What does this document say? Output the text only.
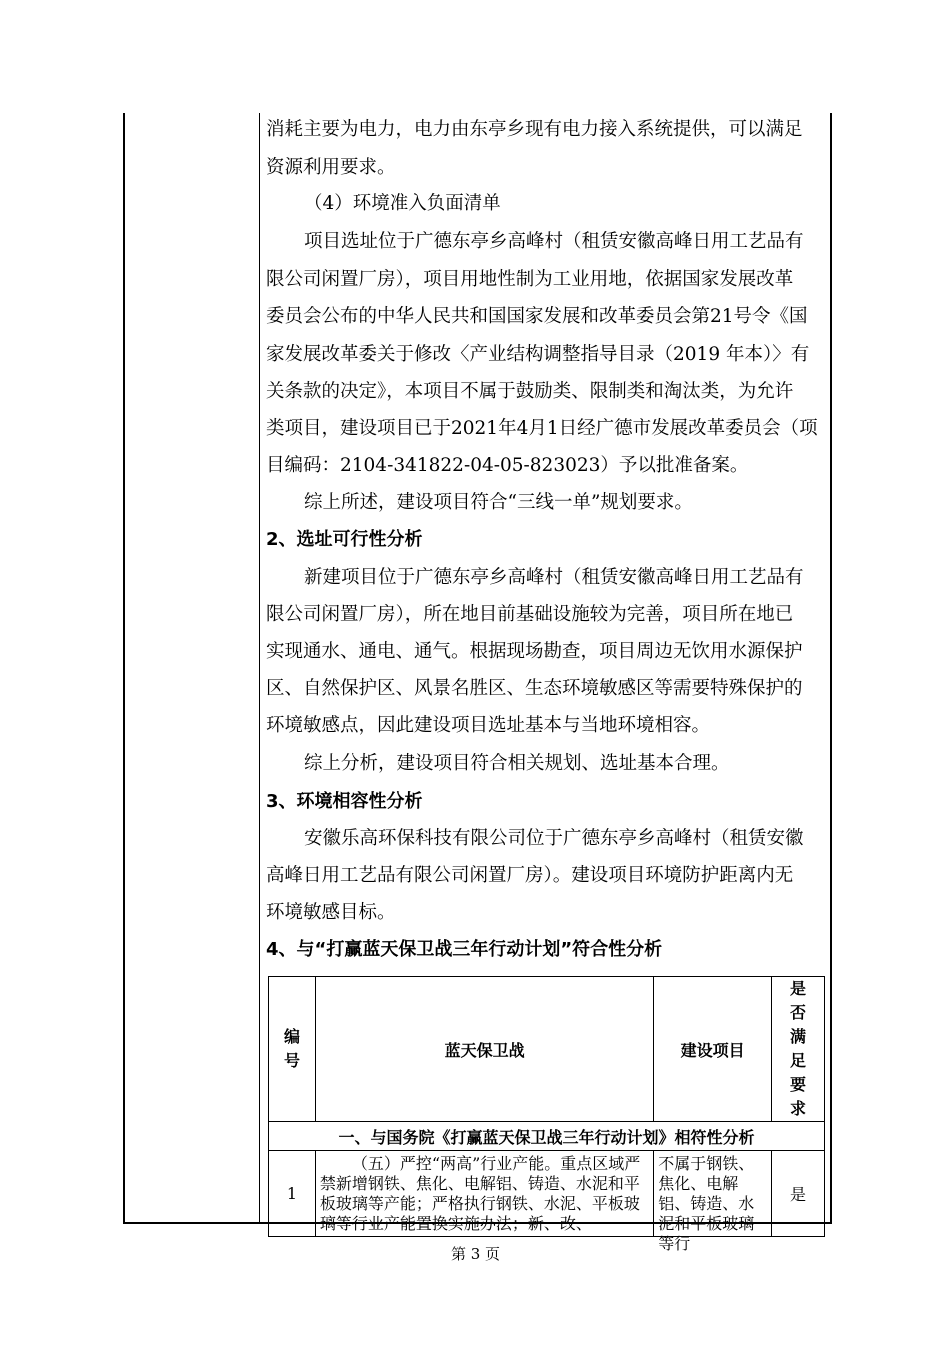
消耗主要为电力，电力由东亭乡现有电力接入系统提供，可以满足
资源利用要求。
（4）环境准入负面清单
项目选址位于广德东亭乡高峰村（租赁安徽高峰日用工艺品有
限公司闲置厂房），项目用地性制为工业用地，依据国家发展改革
委员会公布的中华人民共和国国家发展和改革委员会第21号令《国
家发展改革委关于修改〈产业结构调整指导目录（2019 年本）〉有
关条款的决定》，本项目不属于鼓励类、限制类和淘汰类，为允许
类项目，建设项目已于2021年4月1日经广德市发展改革委员会（项
目编码：2104-341822-04-05-823023）予以批准备案。
综上所述，建设项目符合“三线一单”规划要求。
2、选址可行性分析
新建项目位于广德东亭乡高峰村（租赁安徽高峰日用工艺品有
限公司闲置厂房），所在地目前基础设施较为完善，项目所在地已
实现通水、通电、通气。根据现场勘查，项目周边无饮用水源保护
区、自然保护区、风景名胜区、生态环境敏感区等需要特殊保护的
环境敏感点，因此建设项目选址基本与当地环境相容。
综上分析，建设项目符合相关规划、选址基本合理。
3、环境相容性分析
安徽乐高环保科技有限公司位于广德东亭乡高峰村（租赁安徽
高峰日用工艺品有限公司闲置厂房）。建设项目环境防护距离内无
环境敏感目标。
4、与“打赢蓝天保卫战三年行动计划”符合性分析
编号	蓝天保卫战	建设项目	是否满足要求

一、与国务院《打赢蓝天保卫战三年行动计划》相符性分析			
1	（五）严控“两高”行业产能。重点区域严禁新增钢铁、焦化、电解铝、铸造、水泥和平板玻璃等产能；严格执行钢铁、水泥、平板玻璃等行业产能置换实施办法；新、改、	不属于钢铁、焦化、电解铝、铸造、水泥和平板玻璃等行	是
第 3 页
